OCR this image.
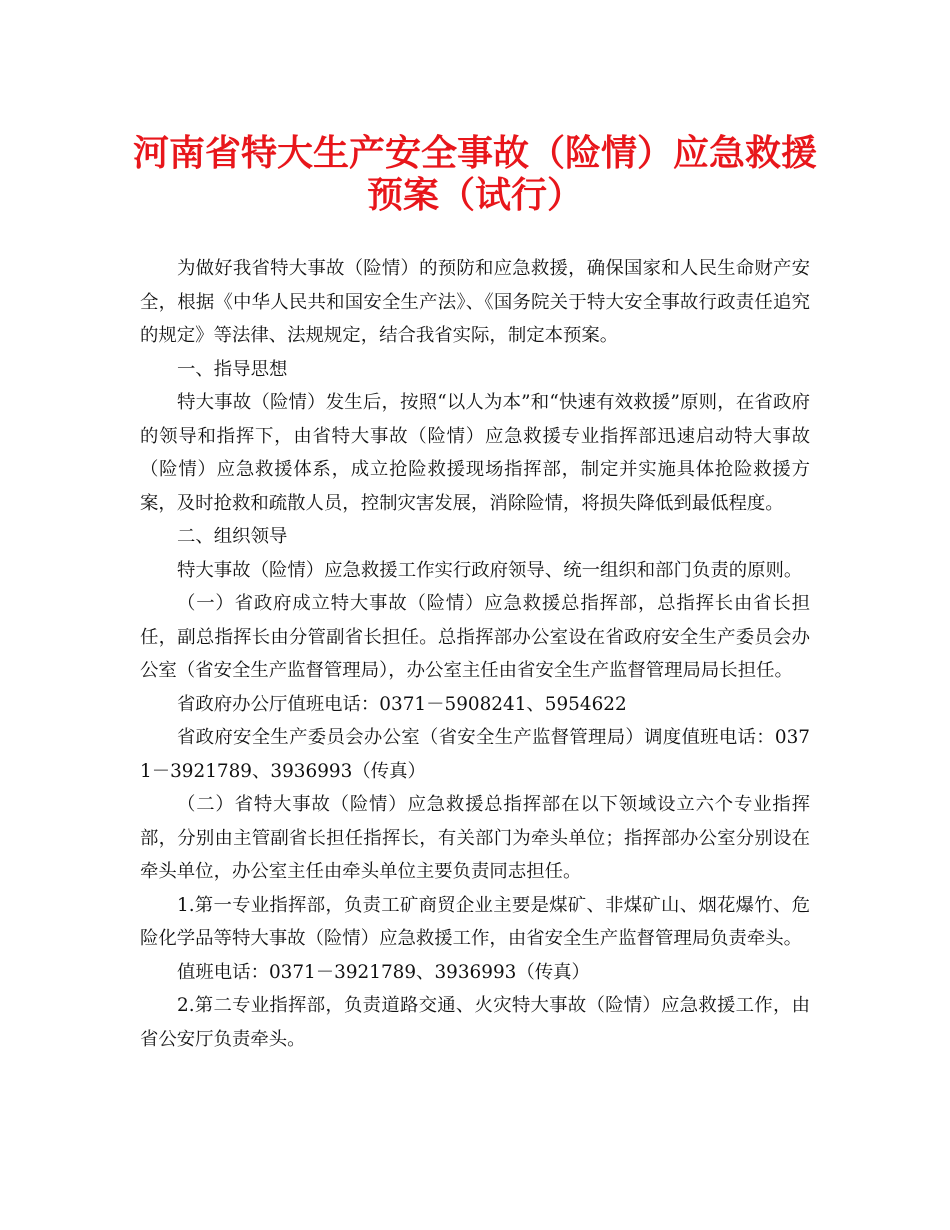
河南省特大生产安全事故（险情）应急救援
预案（试行）

为做好我省特大事故（险情）的预防和应急救援，确保国家和人民生命财产安全，根据《中华人民共和国安全生产法》、《国务院关于特大安全事故行政责任追究的规定》等法律、法规规定，结合我省实际，制定本预案。

一、指导思想

特大事故（险情）发生后，按照“以人为本”和“快速有效救援”原则，在省政府的领导和指挥下，由省特大事故（险情）应急救援专业指挥部迅速启动特大事故（险情）应急救援体系，成立抢险救援现场指挥部，制定并实施具体抢险救援方案，及时抢救和疏散人员，控制灾害发展，消除险情，将损失降低到最低程度。

二、组织领导

特大事故（险情）应急救援工作实行政府领导、统一组织和部门负责的原则。

（一）省政府成立特大事故（险情）应急救援总指挥部，总指挥长由省长担任，副总指挥长由分管副省长担任。总指挥部办公室设在省政府安全生产委员会办公室（省安全生产监督管理局），办公室主任由省安全生产监督管理局局长担任。

省政府办公厅值班电话：0371－5908241、5954622

省政府安全生产委员会办公室（省安全生产监督管理局）调度值班电话：0371－3921789、3936993（传真）

（二）省特大事故（险情）应急救援总指挥部在以下领域设立六个专业指挥部，分别由主管副省长担任指挥长，有关部门为牵头单位；指挥部办公室分别设在牵头单位，办公室主任由牵头单位主要负责同志担任。

1.第一专业指挥部，负责工矿商贸企业主要是煤矿、非煤矿山、烟花爆竹、危险化学品等特大事故（险情）应急救援工作，由省安全生产监督管理局负责牵头。

值班电话：0371－3921789、3936993（传真）

2.第二专业指挥部，负责道路交通、火灾特大事故（险情）应急救援工作，由省公安厅负责牵头。
